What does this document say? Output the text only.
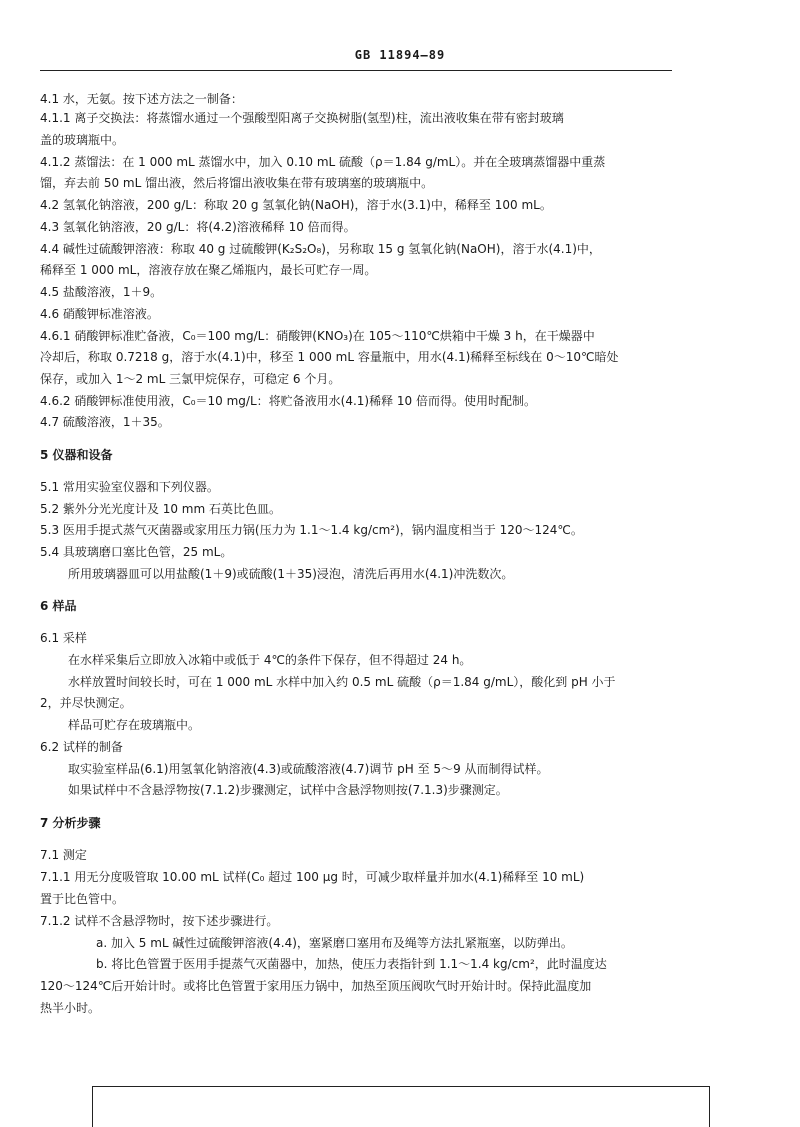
GB 11894—89
4.1 水，无氨。按下述方法之一制备：
4.1.1 离子交换法：将蒸馏水通过一个强酸型阳离子交换树脂(氢型)柱，流出液收集在带有密封玻璃
盖的玻璃瓶中。
4.1.2 蒸馏法：在 1 000 mL 蒸馏水中，加入 0.10 mL 硫酸（ρ＝1.84 g/mL）。并在全玻璃蒸馏器中重蒸
馏，弃去前 50 mL 馏出液，然后将馏出液收集在带有玻璃塞的玻璃瓶中。
4.2 氢氧化钠溶液，200 g/L：称取 20 g 氢氧化钠(NaOH)，溶于水(3.1)中，稀释至 100 mL。
4.3 氢氧化钠溶液，20 g/L：将(4.2)溶液稀释 10 倍而得。
4.4 碱性过硫酸钾溶液：称取 40 g 过硫酸钾(K₂S₂O₈)，另称取 15 g 氢氧化钠(NaOH)，溶于水(4.1)中，
稀释至 1 000 mL，溶液存放在聚乙烯瓶内，最长可贮存一周。
4.5 盐酸溶液，1＋9。
4.6 硝酸钾标准溶液。
4.6.1 硝酸钾标准贮备液，C₀＝100 mg/L：硝酸钾(KNO₃)在 105～110℃烘箱中干燥 3 h，在干燥器中
冷却后，称取 0.7218 g，溶于水(4.1)中，移至 1 000 mL 容量瓶中，用水(4.1)稀释至标线在 0～10℃暗处
保存，或加入 1～2 mL 三氯甲烷保存，可稳定 6 个月。
4.6.2 硝酸钾标准使用液，C₀＝10 mg/L：将贮备液用水(4.1)稀释 10 倍而得。使用时配制。
4.7 硫酸溶液，1＋35。
5 仪器和设备
5.1 常用实验室仪器和下列仪器。
5.2 紫外分光光度计及 10 mm 石英比色皿。
5.3 医用手提式蒸气灭菌器或家用压力锅(压力为 1.1～1.4 kg/cm²)，锅内温度相当于 120～124℃。
5.4 具玻璃磨口塞比色管，25 mL。
所用玻璃器皿可以用盐酸(1＋9)或硫酸(1＋35)浸泡，清洗后再用水(4.1)冲洗数次。
6 样品
6.1 采样
在水样采集后立即放入冰箱中或低于 4℃的条件下保存，但不得超过 24 h。
水样放置时间较长时，可在 1 000 mL 水样中加入约 0.5 mL 硫酸（ρ＝1.84 g/mL），酸化到 pH 小于
2，并尽快测定。
样品可贮存在玻璃瓶中。
6.2 试样的制备
取实验室样品(6.1)用氢氧化钠溶液(4.3)或硫酸溶液(4.7)调节 pH 至 5～9 从而制得试样。
如果试样中不含悬浮物按(7.1.2)步骤测定，试样中含悬浮物则按(7.1.3)步骤测定。
7 分析步骤
7.1 测定
7.1.1 用无分度吸管取 10.00 mL 试样(C₀ 超过 100 μg 时，可减少取样量并加水(4.1)稀释至 10 mL)
置于比色管中。
7.1.2 试样不含悬浮物时，按下述步骤进行。
a. 加入 5 mL 碱性过硫酸钾溶液(4.4)，塞紧磨口塞用布及绳等方法扎紧瓶塞，以防弹出。
b. 将比色管置于医用手提蒸气灭菌器中，加热，使压力表指针到 1.1～1.4 kg/cm²，此时温度达
120～124℃后开始计时。或将比色管置于家用压力锅中，加热至顶压阀吹气时开始计时。保持此温度加
热半小时。
